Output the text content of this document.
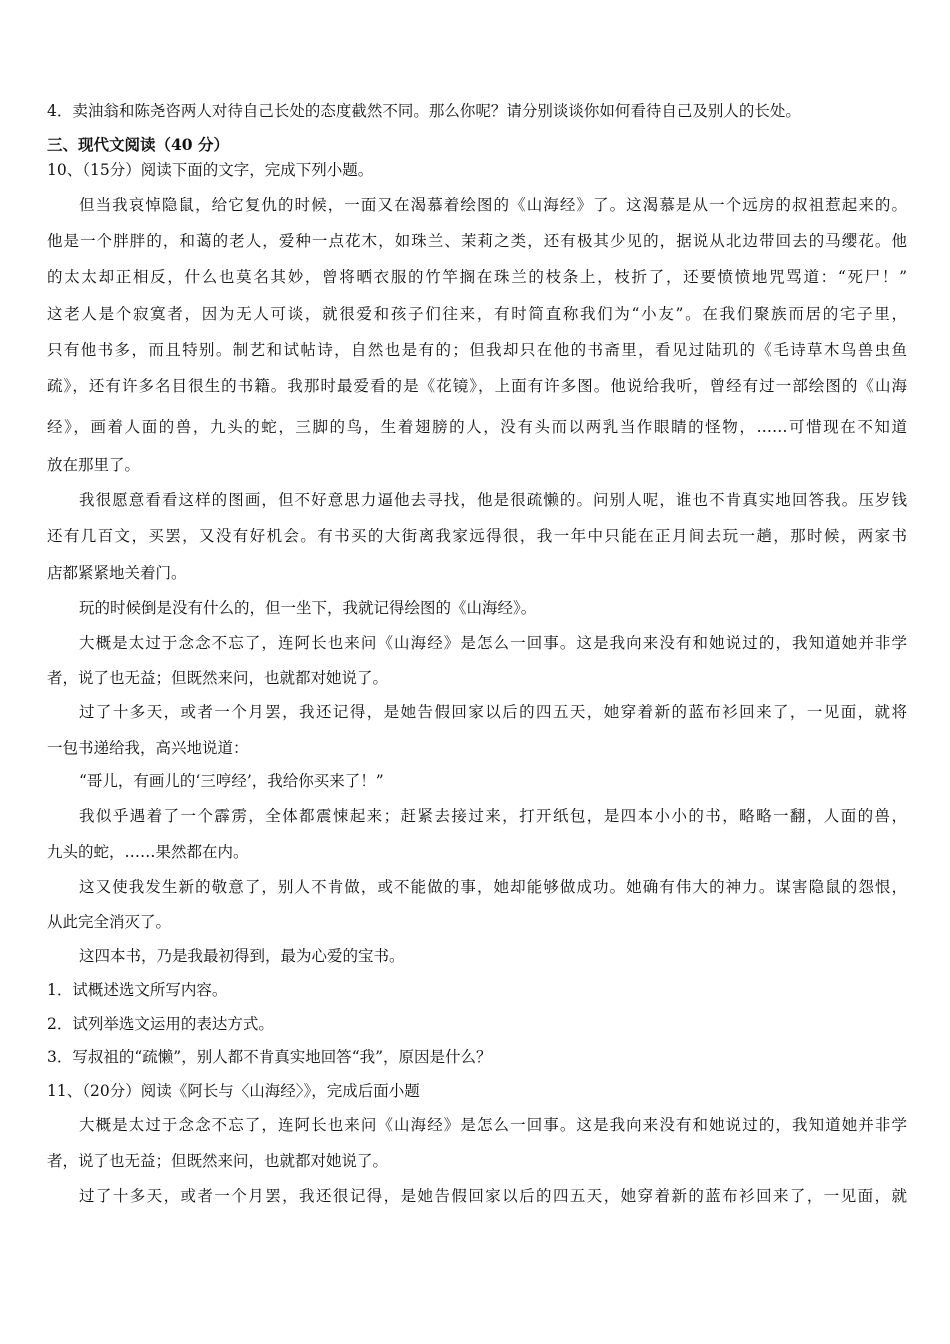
4．卖油翁和陈尧咨两人对待自己长处的态度截然不同。那么你呢？请分别谈谈你如何看待自己及别人的长处。
三、现代文阅读（40 分）
10、（15分）阅读下面的文字，完成下列小题。
但当我哀悼隐鼠，给它复仇的时候，一面又在渴慕着绘图的《山海经》了。这渴慕是从一个远房的叔祖惹起来的。
他是一个胖胖的，和蔼的老人，爱种一点花木，如珠兰、茉莉之类，还有极其少见的，据说从北边带回去的马缨花。他
的太太却正相反，什么也莫名其妙，曾将晒衣服的竹竿搁在珠兰的枝条上，枝折了，还要愤愤地咒骂道：“死尸！”
这老人是个寂寞者，因为无人可谈，就很爱和孩子们往来，有时简直称我们为“小友”。在我们聚族而居的宅子里，
只有他书多，而且特别。制艺和试帖诗，自然也是有的；但我却只在他的书斋里，看见过陆玑的《毛诗草木鸟兽虫鱼
疏》，还有许多名目很生的书籍。我那时最爱看的是《花镜》，上面有许多图。他说给我听，曾经有过一部绘图的《山海
经》，画着人面的兽，九头的蛇，三脚的鸟，生着翅膀的人，没有头而以两乳当作眼睛的怪物，……可惜现在不知道
放在那里了。
我很愿意看看这样的图画，但不好意思力逼他去寻找，他是很疏懒的。问别人呢，谁也不肯真实地回答我。压岁钱
还有几百文，买罢，又没有好机会。有书买的大街离我家远得很，我一年中只能在正月间去玩一趟，那时候，两家书
店都紧紧地关着门。
玩的时候倒是没有什么的，但一坐下，我就记得绘图的《山海经》。
大概是太过于念念不忘了，连阿长也来问《山海经》是怎么一回事。这是我向来没有和她说过的，我知道她并非学
者，说了也无益；但既然来问，也就都对她说了。
过了十多天，或者一个月罢，我还记得，是她告假回家以后的四五天，她穿着新的蓝布衫回来了，一见面，就将
一包书递给我，高兴地说道：
“哥儿，有画儿的‘三哼经’，我给你买来了！”
我似乎遇着了一个霹雳，全体都震悚起来；赶紧去接过来，打开纸包，是四本小小的书，略略一翻，人面的兽，
九头的蛇，……果然都在内。
这又使我发生新的敬意了，别人不肯做，或不能做的事，她却能够做成功。她确有伟大的神力。谋害隐鼠的怨恨，
从此完全消灭了。
这四本书，乃是我最初得到，最为心爱的宝书。
1．试概述选文所写内容。
2．试列举选文运用的表达方式。
3．写叔祖的“疏懒”，别人都不肯真实地回答“我”，原因是什么？
11、（20分）阅读《阿长与〈山海经〉》，完成后面小题
大概是太过于念念不忘了，连阿长也来问《山海经》是怎么一回事。这是我向来没有和她说过的，我知道她并非学
者，说了也无益；但既然来问，也就都对她说了。
过了十多天，或者一个月罢，我还很记得，是她告假回家以后的四五天，她穿着新的蓝布衫回来了，一见面，就
